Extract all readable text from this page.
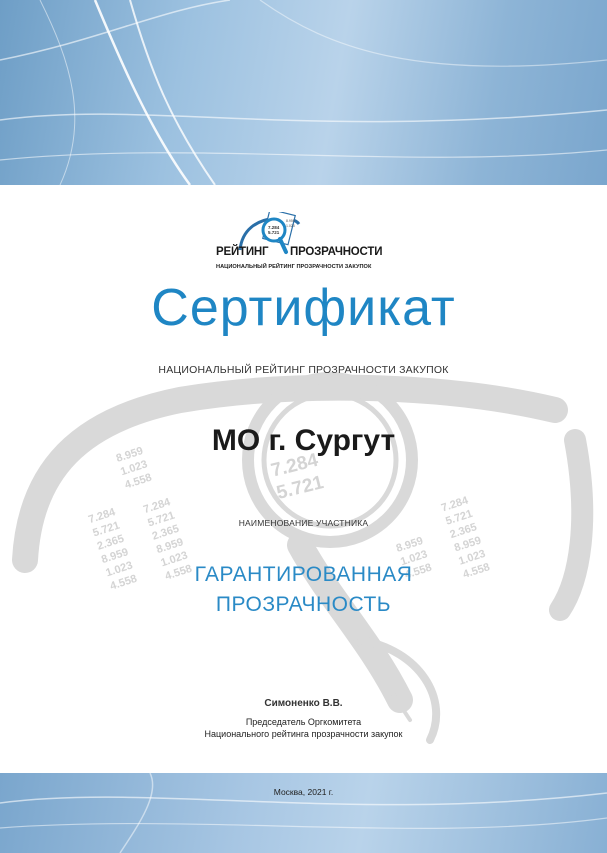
8.959
1.023
4.558
7.284
5.721
2.365
8.959
1.023
4.558
7.284
5.721
2.365
8.959
1.023
4.558
8.959
1.023
4.558
7.284
5.721
2.365
8.959
1.023
4.558
7.284
5.721
7.284
5.721
8.959
1.023
РЕЙТИНГ ПРОЗРАЧНОСТИ
НАЦИОНАЛЬНЫЙ РЕЙТИНГ ПРОЗРАЧНОСТИ ЗАКУПОК
Сертификат
НАЦИОНАЛЬНЫЙ РЕЙТИНГ ПРОЗРАЧНОСТИ ЗАКУПОК
МО г. Сургут
НАИМЕНОВАНИЕ УЧАСТНИКА
ГАРАНТИРОВАННАЯ
ПРОЗРАЧНОСТЬ
Симоненко В.В.
Председатель Оргкомитета
Национального рейтинга прозрачности закупок
Москва, 2021 г.
